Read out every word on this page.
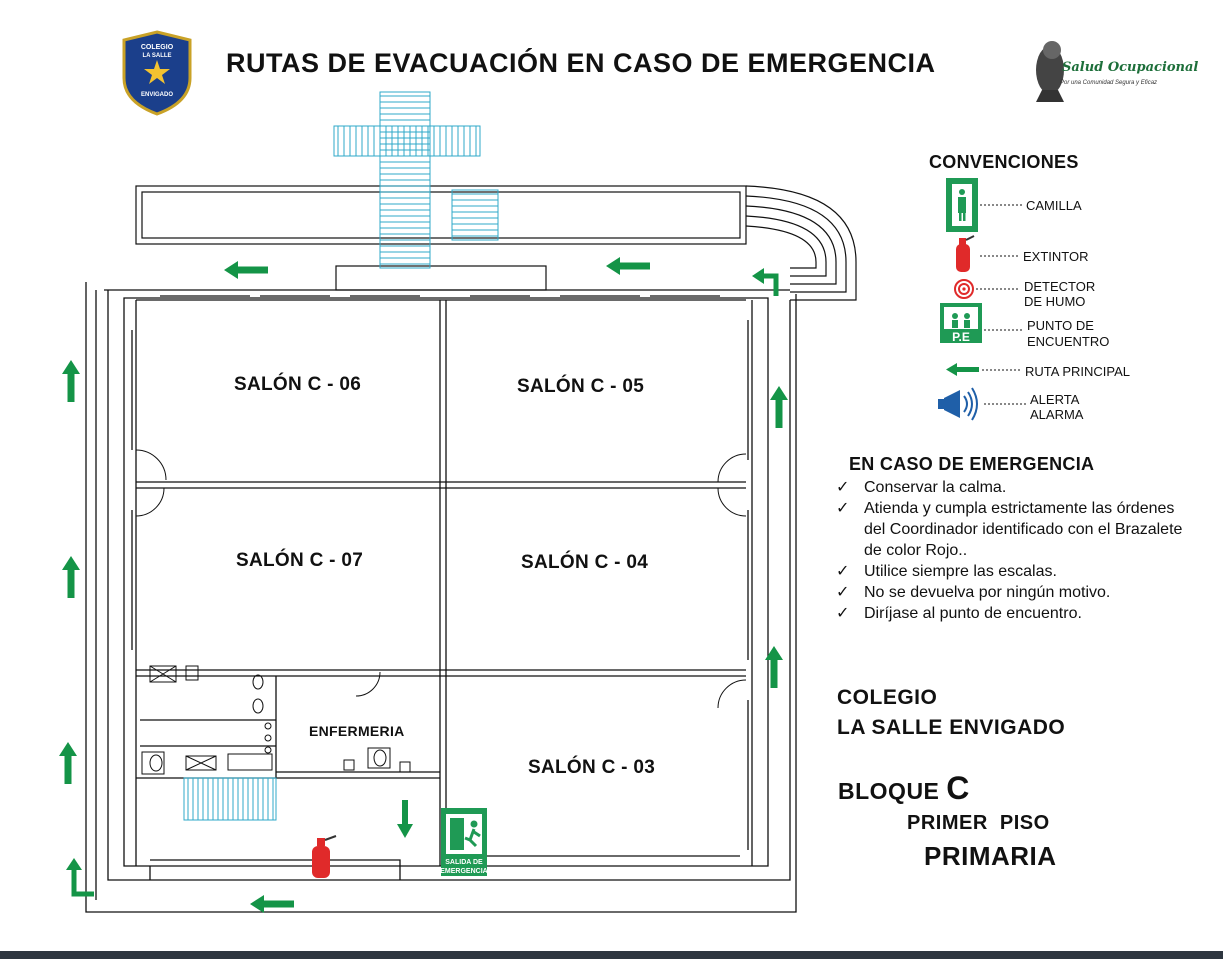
RUTAS DE EVACUACIÓN EN CASO DE EMERGENCIA
COLEGIO
LA SALLE
ENVIGADO
Salud Ocupacional
Por una Comunidad Segura y Eficaz
SALIDA DE
EMERGENCIA
P.E
SALÓN C - 06	SALÓN C - 05
SALÓN C - 07	SALÓN C - 04
SALÓN C - 03
ENFERMERIA
CONVENCIONES
CAMILLA
EXTINTOR
DETECTOR
DE HUMO
PUNTO DE
ENCUENTRO
RUTA PRINCIPAL
ALERTA
ALARMA
EN CASO DE EMERGENCIA
✓ Conservar la calma.
✓ Atienda y cumpla estrictamente las órdenes del Coordinador identificado con el Brazalete de color Rojo..
✓ Utilice siempre las escalas.
✓ No se devuelva por ningún motivo.
✓ Diríjase al punto de encuentro.
COLEGIO
LA SALLE ENVIGADO
BLOQUE C
PRIMER  PISO
PRIMARIA
